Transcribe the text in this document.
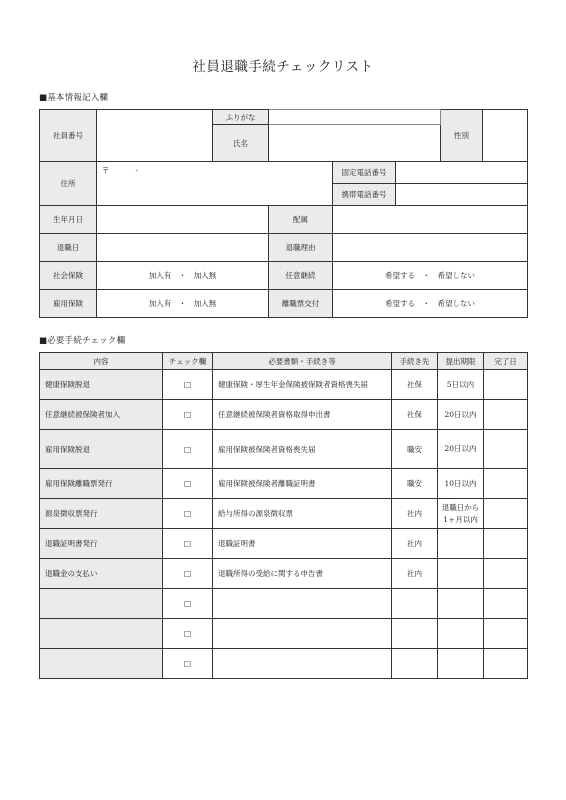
社員退職手続チェックリスト
■基本情報記入欄
社員番号		ふりがな				性別	
		氏名					
住所	〒 -			固定電話番号			
				携帯電話番号			
生年月日			配属				
退職日			退職理由				
社会保険	加入有　・　加入無		任意継続	希望する　・　希望しない			
雇用保険	加入有　・　加入無		離職票交付	希望する　・　希望しない			
■必要手続チェック欄
内容	チェック欄	必要書類・手続き等	手続き先	提出期限	完了日
健康保険脱退	□	健康保険・厚生年金保険被保険者資格喪失届	社保	5日以内	
任意継続被保険者加入	□	任意継続被保険者資格取得申出書	社保	20日以内	
雇用保険脱退	□	雇用保険被保険者資格喪失届	職安	20日以内	
雇用保険離職票発行	□	雇用保険被保険者離職証明書	職安	10日以内	
源泉徴収票発行	□	給与所得の源泉徴収票	社内	退職日から
1ヶ月以内	
退職証明書発行	□	退職証明書	社内		
退職金の支払い	□	退職所得の受給に関する申告書	社内		
	□				
	□				
	□				
